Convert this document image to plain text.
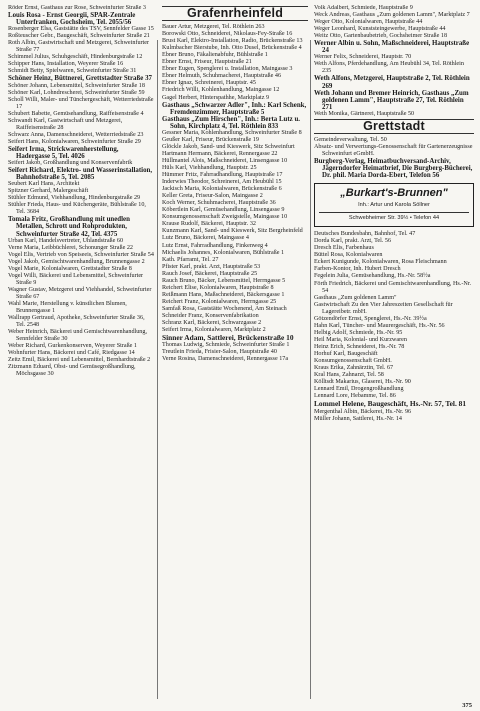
Röder Ernst, Gasthaus zur Rose, Schweinfurter Straße 3

Louis Rosa - Ernst Georgii, SPAR-Zentrale Unterfranken, Gochsheim, Tel. 2055/56

Rosenberger Elsa, Gaststätte des TSV, Sennfelder Gasse 15

Roßteuscher Gebr., Baugeschäft, Schweinfurter Straße 21

Roth Albin, Gastwirtschaft und Metzgerei, Schweinfurter Straße 77

Schimmel Julius, Schuhgeschäft, Hindenburgstraße 12

Schipper Hans, Installation, Weyerer Straße 16

Schmidt Betty, Spielwaren, Schweinfurter Straße 31

Schöner Heinz, Büttnerei, Grettstadter Straße 37

Schöner Johann, Lebensmittel, Schweinfurter Straße 18

Schöner Karl, Lohndrescherei, Schweinfurter Straße 59

Scholl Willi, Maler- und Tünchergeschäft, Wetterriedstraße 17

Schubert Babette, Gemüsehandlung, Raiffeisenstraße 4

Schwandt Karl, Gastwirtschaft und Metzgerei, Raiffeisenstraße 28

Schwarz Anna, Damenschneiderei, Wetterriedstraße 23

Seifert Hans, Kolonialwaren, Schweinfurter Straße 29

Seifert Irma, Strickwarenherstellung, Hadergasse 5, Tel. 4026

Seifert Jakob, Großhandlung und Konservenfabrik

Seifert Richard, Elektro- und Wasserinstallation, Bahnhofstraße 5, Tel. 2085

Seubert Karl Hans, Architekt

Spitzner Gerhard, Malergeschäft

Stühler Edmund, Viehhandlung, Hindenburgstraße 29

Stühler Frieda, Haus- und Küchengeräte, Bühlstraße 10, Tel. 3684

Tomala Fritz, Großhandlung mit unedlen Metallen, Schrott und Rohprodukten, Schweinfurter Straße 42, Tel. 4375

Urban Karl, Handelsvertreter, Uhlandstraße 60

Verne Maria, Leibbüchlerei, Schonunger Straße 22

Vogel Elis, Vertrieb von Speiseeis, Schweinfurter Straße 54

Vogel Jakob, Gemischtwarenhandlung, Brunnengasse 2

Vogel Marie, Kolonialwaren, Grettstadter Straße 8

Vogel Willi, Bäckerei und Lebensmittel, Schweinfurter Straße 9

Wagner Gustav, Metzgerei und Viehhandel, Schweinfurter Straße 67

Wahl Marie, Herstellung v. künstlichen Blumen, Brunnengasse 1

Wallrapp Gertraud, Apotheke, Schweinfurter Straße 36, Tel. 2548

Weber Heinrich, Bäckerei und Gemischtwarenhandlung, Sennfelder Straße 30

Weber Richard, Gurkenkonserven, Weyerer Straße 1

Wohnfurter Hans, Bäckerei und Café, Riedgasse 14

Zeitz Emil, Bäckerei und Lebensmittel, Bernhardtstraße 2

Zitzmann Eduard, Obst- und Gemüsegroßhandlung, Möchsgasse 30

Grafenrheinfeld

Bauer Artur, Metzgerei, Tel. Röthlein 263

Borowski Otto, Schneiderei, Nikolaus-Fey-Straße 16

Brust Karl, Elektro-Installation, Radio, Brückenstraße 13

Kulmbacher Bierstube, Inh. Otto Dusel, Brückenstraße 4

Ebner Bruno, Fäkalienabfuhr, Bühlstraße 1

Ebner Ernst, Friseur, Hauptstraße 21

Ebner Eugen, Spenglerei u. Installation, Maingasse 3

Ebner Helmuth, Schuhmacherei, Hauptstraße 46

Ebner Ignaz, Schreinerei, Hauptstr. 45

Friedrich Willi, Kohlenhandlung, Maingasse 12

Gagel Herbert, Hinterspathhe, Marktplatz 9

Gasthaus „Schwarzer Adler", Inh.: Karl Schenk, Fremdenzimmer, Hauptstraße 5

Gasthaus „Zum Hirschen", Inh.: Berta Lutz u. Sohn, Kirchplatz 4, Tel. Röthlein 833

Gessner Maria, Kohlenhandlung, Schweinfurter Straße 8

Geußer Karl, Friseur, Brückenstraße 19

Glöckle Jakob, Sand- und Kieswerk, Sitz Schweinfurt

Hartmann Hermann, Bäckerei, Rennergasse 22

Hüllmantel Alois, Maßschneiderei, Linsengasse 10

Hüls Karl, Viehhandlung, Hauptstr. 25

Hümmer Fritz, Fahrradhandlung, Hauptstraße 17

Inderwies Theodor, Schreinerei, Am Heubühl 15

Jackisch Maria, Kolonialwaren, Brückenstraße 6

Keller Greta, Friseur-Salon, Maingasse 2

Koch Werner, Schuhmacherei, Hauptstraße 36

Köbertlein Karl, Gemüsehandlung, Linsengasse 9

Konsumgenossenschaft Zweigstelle, Maingasse 10

Krause Rudolf, Bäckerei, Hauptstr. 32

Kunzmann Karl, Sand- und Kieswerk, Sitz Bergrheinfeld

Lutz Bruno, Bäckerei, Maingasse 4

Lutz Ernst, Fahrradhandlung, Finkenweg 4

Michaelis Johannes, Kolonialwaren, Bühlstraße 1

Kath. Pfarramt, Tel. 27

Pfister Karl, prakt. Arzt, Hauptstraße 53

Rauch Josef, Bäckerei, Hauptstraße 25

Rauch Bruno, Bäcker, Lebensmittel, Herrngasse 5

Reichert Elise, Kolonialwaren, Hauptstraße 8

Reißmann Hans, Maßschneiderei, Bäckersgasse 1

Reichert Franz, Kolonialwaren, Herrngasse 25

Samfaß Rosa, Gaststätte Wochenend, Am Steinach

Schneider Franz, Konservenfabrikation

Schranz Karl, Bäckerei, Schwarzgasse 2

Seifert Irma, Kolonialwaren, Marktplatz 2

Sinner Adam, Sattlerei, Brückenstraße 10

Thomas Ludwig, Schmiede, Schweinfurter Straße 1

Treutlein Frieda, Frisier-Salon, Hauptstraße 40

Verne Rosina, Damenschneiderei, Rennergasse 17a

Volk Adalbert, Schmiede, Hauptstraße 9

Weck Andreas, Gasthaus „Zum goldenen Lamm", Marktplatz 7

Weger Otto, Kolonialwaren, Hauptstraße 44

Weger Leonhard, Kunststeingewerbe, Hauptstraße 44

Weitz Otto, Gartenbaubetrieb, Gochsheimer Straße 18

Werner Albin u. Sohn, Maßschneiderei, Hauptstraße 24

Werner Felix, Schneiderei, Hauptstr. 70

Weth Alfons, Pferdehandlung, Am Heubühl 34, Tel. Röthlein 235

Weth Alfons, Metzgerei, Hauptstraße 2, Tel. Röthlein 269

Weth Johann und Bremer Heinrich, Gasthaus „Zum goldenen Lamm", Hauptstraße 27, Tel. Röthlein 271

Weth Monika, Gärtnerei, Hauptstraße 50

Grettstadt

Gemeindeverwaltung, Tel. 50

Absatz- und Verwertungs-Genossenschaft für Gartenerzeugnisse Schweinfurt eGmbH.

Burgberg-Verlag, Heimatbuchversand-Archiv, Jägerndorfer Heimatbrief, Die Burgberg-Bücherei, Dr. phil. Maria Dorda-Ebert, Telefon 56

„Burkart's-Brunnen"
Inh.: Artur und Karola Söllner
Schwebheimer Str. 39½ • Telefon 44

Deutsches Bundesbahn, Bahnhof, Tel. 47

Dorda Karl, prakt. Arzt, Tel. 56

Dresch Elis, Farbenhaus

Büttel Rosa, Kolonialwaren

Eckert Kunigunde, Kolonialwaren, Rosa Fleischmann

Farben-Kontor, Inh. Hubert Dresch

Fegelein Julia, Gemüsehandlung, Hs.-Nr. 58½a

Förth Friedrich, Bäckerei und Gemischtwarenhandlung, Hs.-Nr. 54

Gasthaus „Zum goldenen Lamm"

Gastwirtschaft Zu den Vier Jahreszeiten Gesellschaft für Lagereibetr. mbH.

Götzendörfer Ernst, Spenglerei, Hs.-Nr. 39½a

Hahn Karl, Tüncher- und Maurergeschäft, Hs.-Nr. 56

Helbig Adolf, Schmiede, Hs.-Nr. 95

Heil Maria, Kolonial- und Kurzwaren

Heinz Erich, Schneiderei, Hs.-Nr. 78

Horhuf Karl, Baugeschäft

Konsumgenossenschaft GmbH.

Kraus Erika, Zahnärztin, Tel. 67

Kral Hans, Zahnarzt, Tel. 58

Kölltsdt Makarius, Glaserei, Hs.-Nr. 90

Lennard Emil, Drogengroßhandlung

Lennard Lore, Hebamme, Tel. 86

Lommel Helene, Baugeschäft, Hs.-Nr. 57, Tel. 81

Mergenthal Albin, Bäckerei, Hs.-Nr. 96

Müller Johann, Sattlerei, Hs.-Nr. 14

375
